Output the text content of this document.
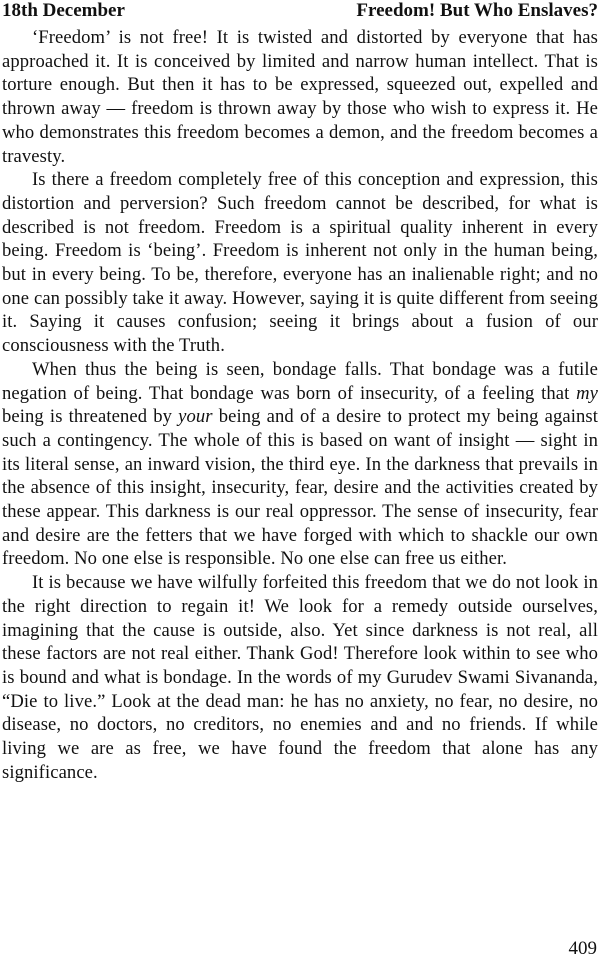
18th December	Freedom! But Who Enslaves?

‘Freedom’ is not free! It is twisted and distorted by everyone that has approached it. It is conceived by limited and narrow human intellect. That is torture enough. But then it has to be expressed, squeezed out, expelled and thrown away — freedom is thrown away by those who wish to express it. He who demonstrates this freedom becomes a demon, and the freedom becomes a travesty.

Is there a freedom completely free of this conception and expression, this distortion and perversion? Such freedom cannot be described, for what is described is not freedom. Freedom is a spiritual quality inherent in every being. Freedom is ‘being’. Freedom is inherent not only in the human being, but in every being. To be, therefore, everyone has an inalienable right; and no one can possibly take it away. However, saying it is quite different from seeing it. Saying it causes confusion; seeing it brings about a fusion of our consciousness with the Truth.

When thus the being is seen, bondage falls. That bondage was a futile negation of being. That bondage was born of insecurity, of a feeling that my being is threatened by your being and of a desire to protect my being against such a contingency. The whole of this is based on want of insight — sight in its literal sense, an inward vision, the third eye. In the darkness that prevails in the absence of this insight, insecurity, fear, desire and the activities created by these appear. This darkness is our real oppressor. The sense of insecurity, fear and desire are the fetters that we have forged with which to shackle our own freedom. No one else is responsible. No one else can free us either.

It is because we have wilfully forfeited this freedom that we do not look in the right direction to regain it! We look for a remedy outside ourselves, imagining that the cause is outside, also. Yet since darkness is not real, all these factors are not real either. Thank God! Therefore look within to see who is bound and what is bondage. In the words of my Gurudev Swami Sivananda, “Die to live.” Look at the dead man: he has no anxiety, no fear, no desire, no disease, no doctors, no creditors, no enemies and and no friends. If while living we are as free, we have found the freedom that alone has any significance.

409
